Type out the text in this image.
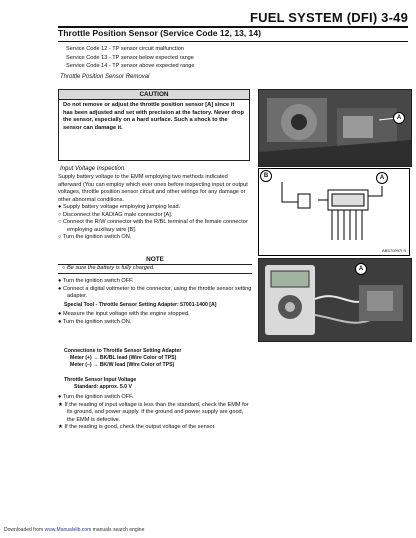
FUEL SYSTEM (DFI) 3-49
Throttle Position Sensor (Service Code 12, 13, 14)
Service Code 12 - TP sensor circuit malfunction
Service Code 13 - TP sensor below expected range
Service Code 14 - TP sensor above expected range
Throttle Position Sensor Removal
CAUTION
Do not remove or adjust the throttle position sensor [A] since it has been adjusted and set with precision at the factory. Never drop the sensor, especially on a hard surface. Such a shock to the sensor can damage it.
A
Input Voltage Inspection
Supply battery voltage to the EMM employing two methods indicated afterward (You can employ which ever ones before inspecting input or output voltages, throttle position sensor circuit and other wirings for any damage or other abnormal conditions.
● Supply battery voltage employing jumping lead.
○ Disconnect the KADIAG male connector [A].
○ Connect the R/W connector with the R/BL terminal of the female connector employing auxiliary wire [B].
○ Turn the ignition switch ON.
B	A
ABS70997I S
NOTE
○ Be sure the battery is fully charged.
● Turn the ignition switch OFF.
● Connect a digital voltmeter to the connector, using the throttle sensor setting adapter.
Special Tool - Throttle Sensor Setting Adapter: 57001-1400 [A]
● Measure the input voltage with the engine stopped.
● Turn the ignition switch ON.
A
Connections to Throttle Sensor Setting Adapter
Meter (+) → BK/BL lead (Wire Color of TPS)
Meter (–) → BK/W lead (Wire Color of TPS)
Throttle Sensor Input Voltage
Standard: approx. 5.0 V
● Turn the ignition switch OFF.
★ If the reading of input voltage is less than the standard, check the EMM for its ground, and power supply. If the ground and power supply are good, the EMM is defective.
★ If the reading is good, check the output voltage of the sensor.
Downloaded from www.Manualslib.com manuals search engine
